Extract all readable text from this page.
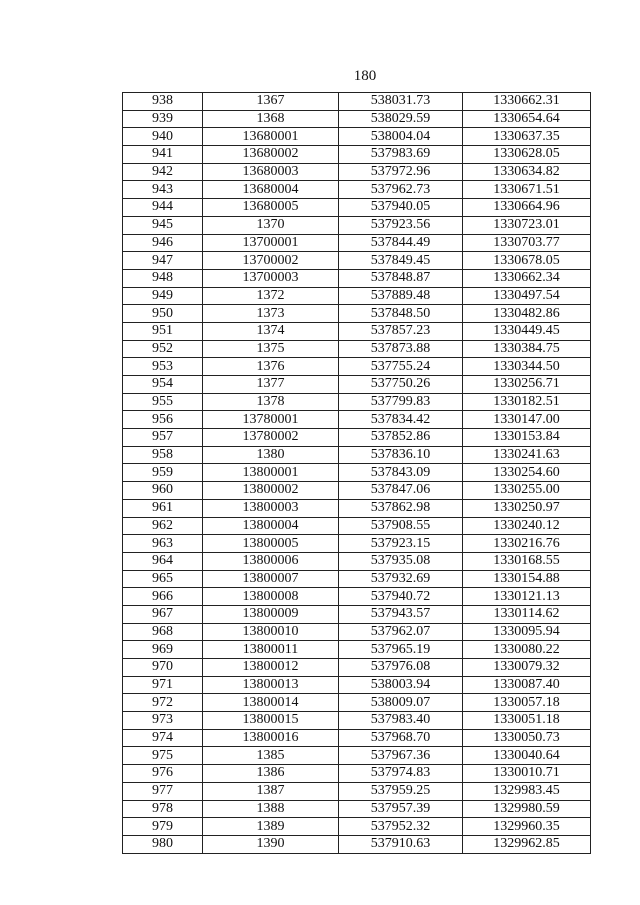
180
938	1367	538031.73	1330662.31
939	1368	538029.59	1330654.64
940	13680001	538004.04	1330637.35
941	13680002	537983.69	1330628.05
942	13680003	537972.96	1330634.82
943	13680004	537962.73	1330671.51
944	13680005	537940.05	1330664.96
945	1370	537923.56	1330723.01
946	13700001	537844.49	1330703.77
947	13700002	537849.45	1330678.05
948	13700003	537848.87	1330662.34
949	1372	537889.48	1330497.54
950	1373	537848.50	1330482.86
951	1374	537857.23	1330449.45
952	1375	537873.88	1330384.75
953	1376	537755.24	1330344.50
954	1377	537750.26	1330256.71
955	1378	537799.83	1330182.51
956	13780001	537834.42	1330147.00
957	13780002	537852.86	1330153.84
958	1380	537836.10	1330241.63
959	13800001	537843.09	1330254.60
960	13800002	537847.06	1330255.00
961	13800003	537862.98	1330250.97
962	13800004	537908.55	1330240.12
963	13800005	537923.15	1330216.76
964	13800006	537935.08	1330168.55
965	13800007	537932.69	1330154.88
966	13800008	537940.72	1330121.13
967	13800009	537943.57	1330114.62
968	13800010	537962.07	1330095.94
969	13800011	537965.19	1330080.22
970	13800012	537976.08	1330079.32
971	13800013	538003.94	1330087.40
972	13800014	538009.07	1330057.18
973	13800015	537983.40	1330051.18
974	13800016	537968.70	1330050.73
975	1385	537967.36	1330040.64
976	1386	537974.83	1330010.71
977	1387	537959.25	1329983.45
978	1388	537957.39	1329980.59
979	1389	537952.32	1329960.35
980	1390	537910.63	1329962.85
